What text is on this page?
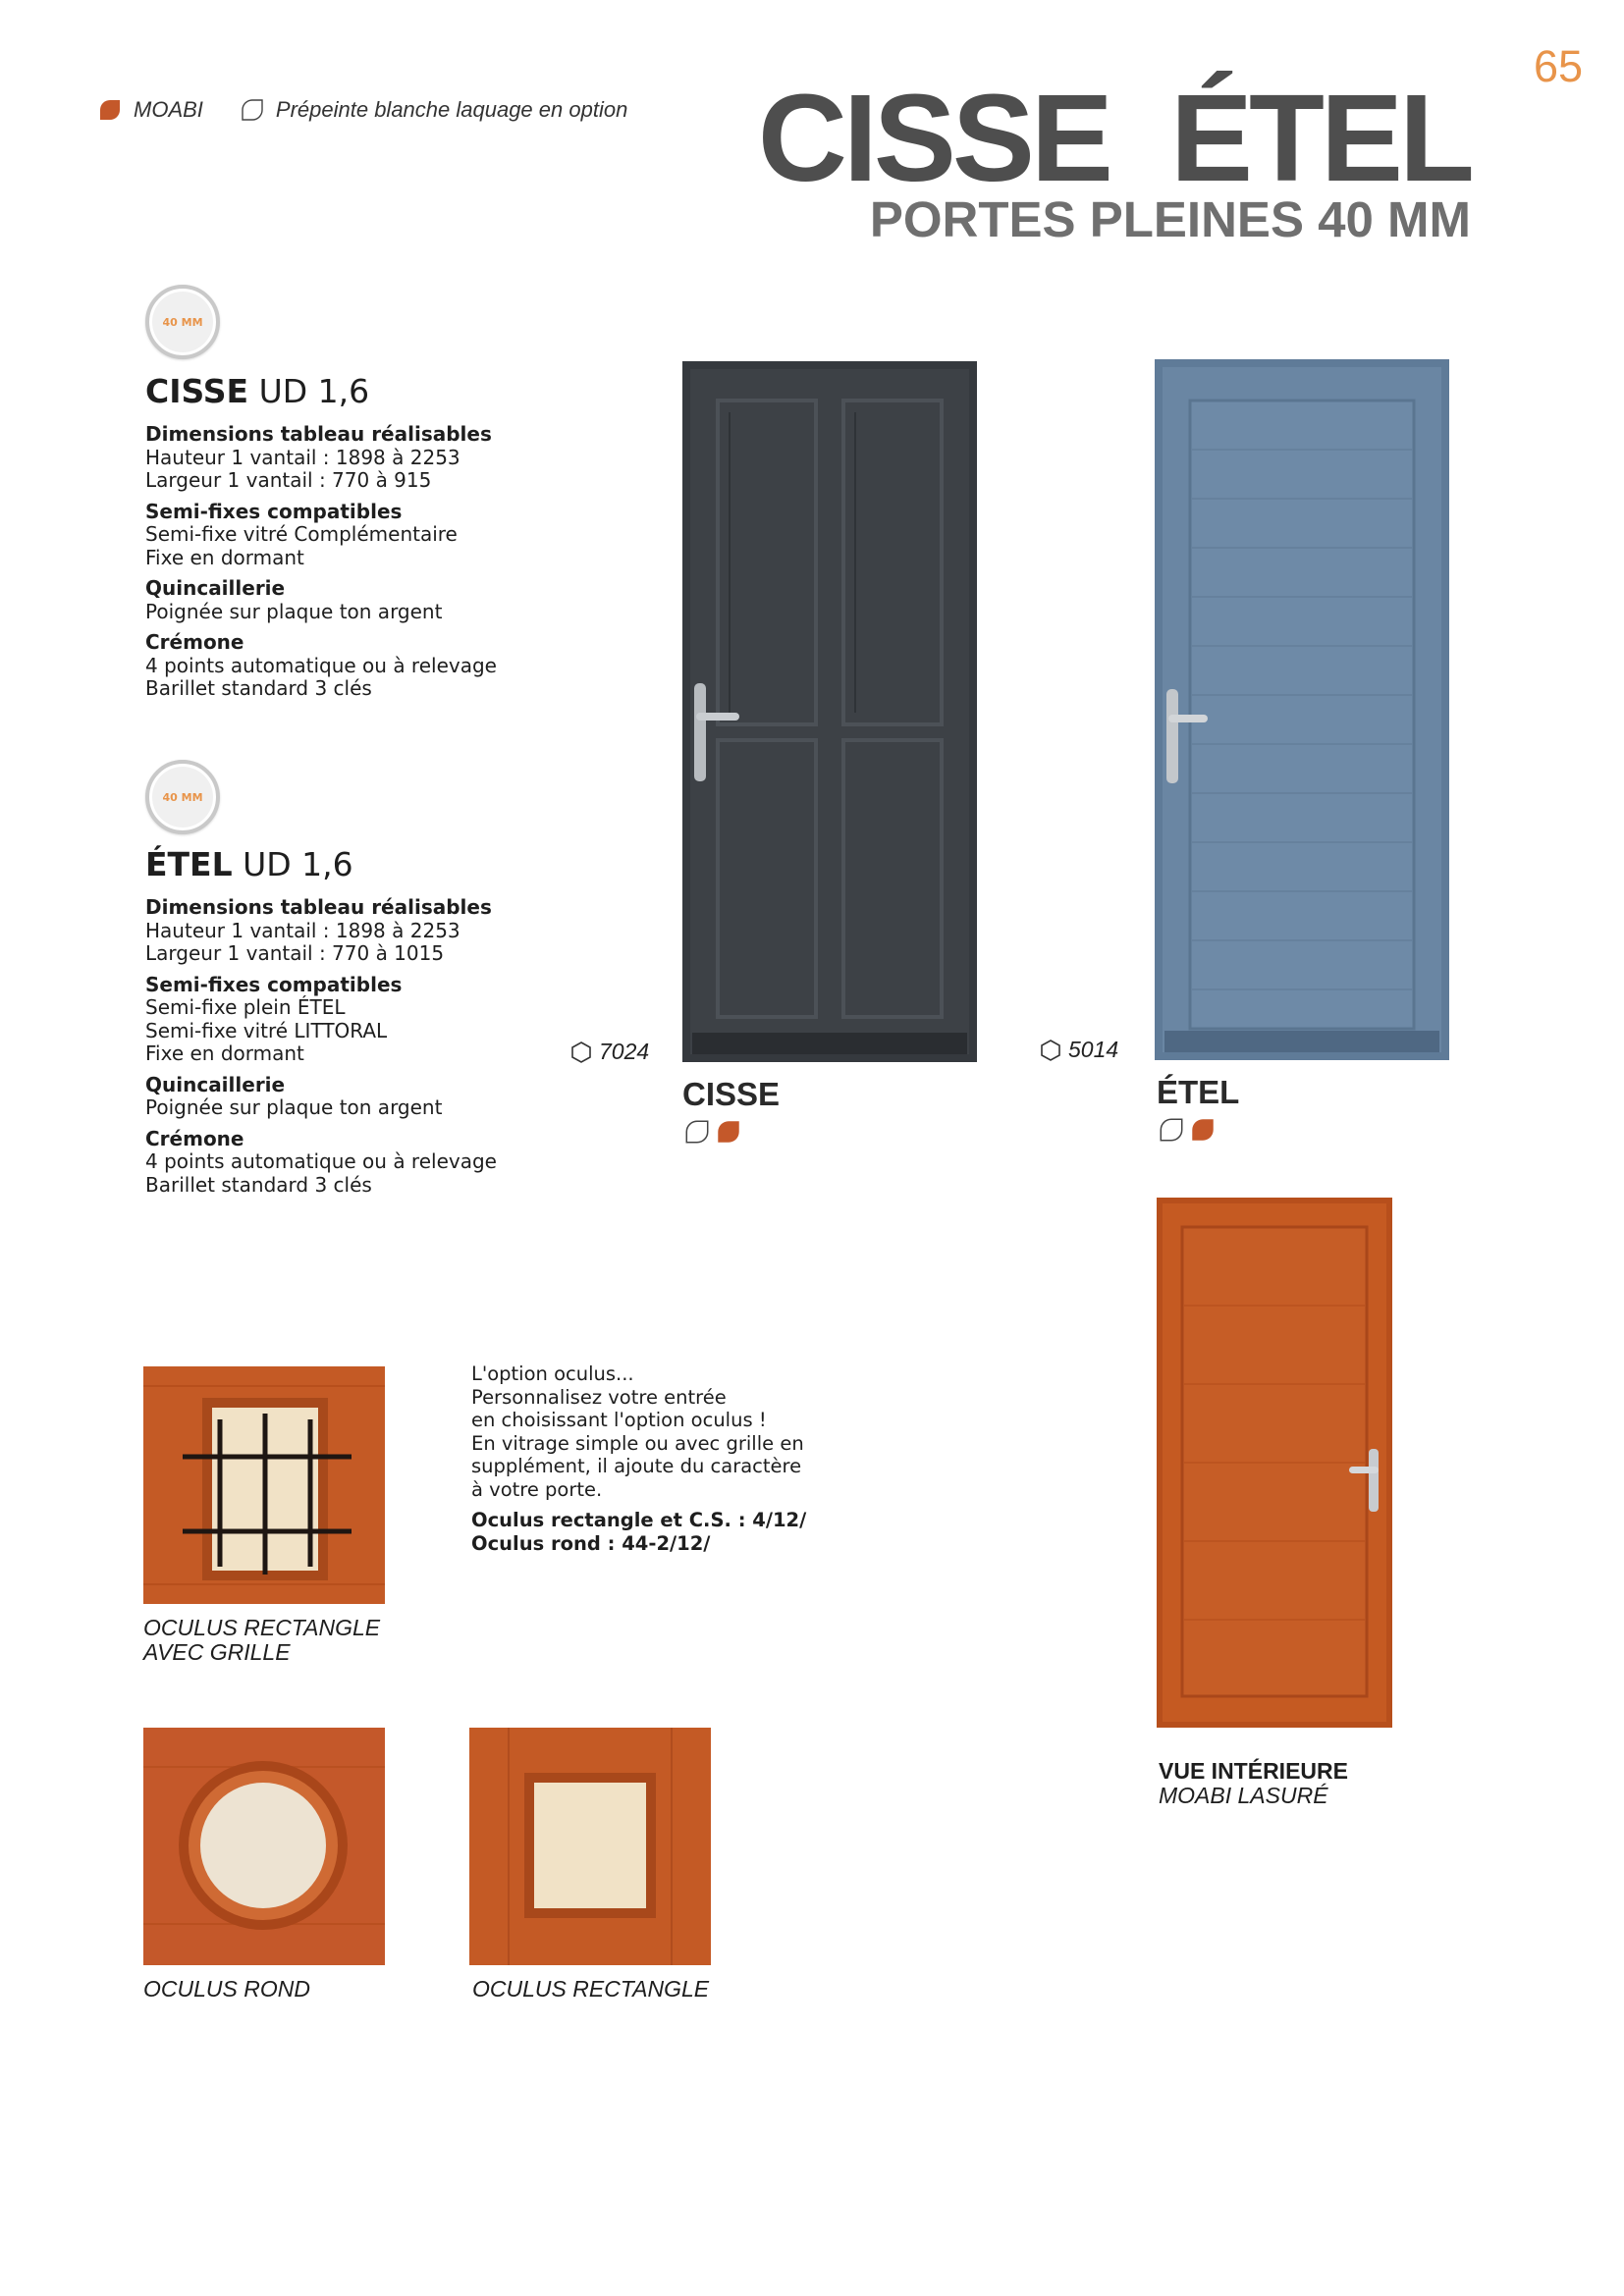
65
MOABI	Prépeinte blanche laquage en option CISSE  ÉTEL
PORTES PLEINES 40 MM
40 MM
CISSE UD 1,6
Dimensions tableau réalisables
Hauteur 1 vantail : 1898 à 2253
Largeur 1 vantail : 770 à 915
Semi-fixes compatibles
Semi-fixe vitré Complémentaire
Fixe en dormant
Quincaillerie
Poignée sur plaque ton argent
Crémone
4 points automatique ou à relevage
Barillet standard 3 clés
40 MM
ÉTEL UD 1,6
Dimensions tableau réalisables
Hauteur 1 vantail : 1898 à 2253
Largeur 1 vantail : 770 à 1015
Semi-fixes compatibles
Semi-fixe plein ÉTEL
Semi-fixe vitré LITTORAL
Fixe en dormant
Quincaillerie
Poignée sur plaque ton argent
Crémone
4 points automatique ou à relevage
Barillet standard 3 clés
7024
CISSE
5014
ÉTEL
VUE INTÉRIEURE
MOABI LASURÉ
OCULUS RECTANGLE
AVEC GRILLE
L'option oculus...
Personnalisez votre entrée
en choisissant l'option oculus !
En vitrage simple ou avec grille en
supplément, il ajoute du caractère
à votre porte.
Oculus rectangle et C.S. : 4/12/
Oculus rond : 44-2/12/
OCULUS ROND	OCULUS RECTANGLE
